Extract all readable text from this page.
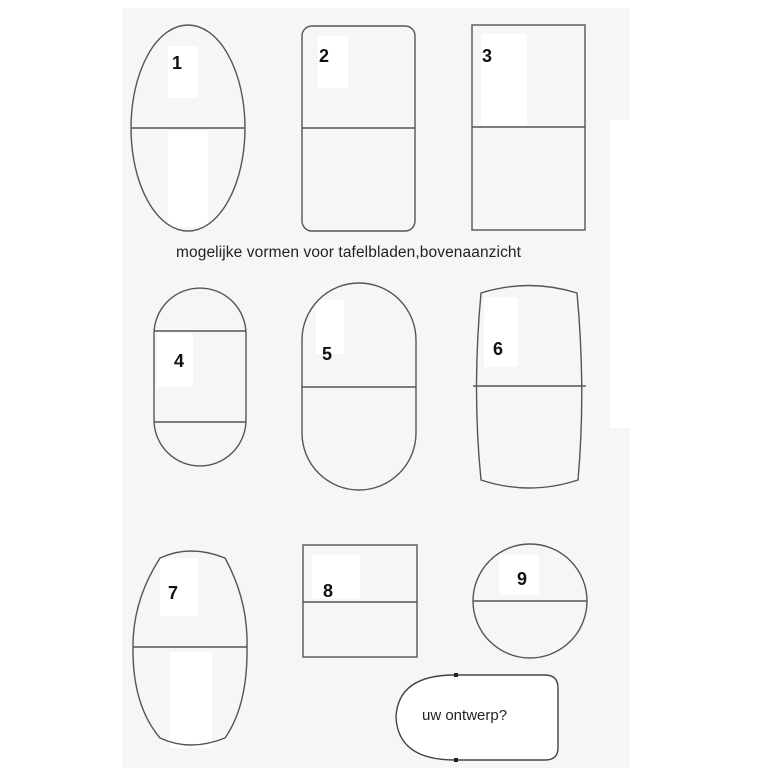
1	2	3
4	5	6
7	8
9
mogelijke vormen voor tafelbladen,bovenaanzicht
uw ontwerp?
